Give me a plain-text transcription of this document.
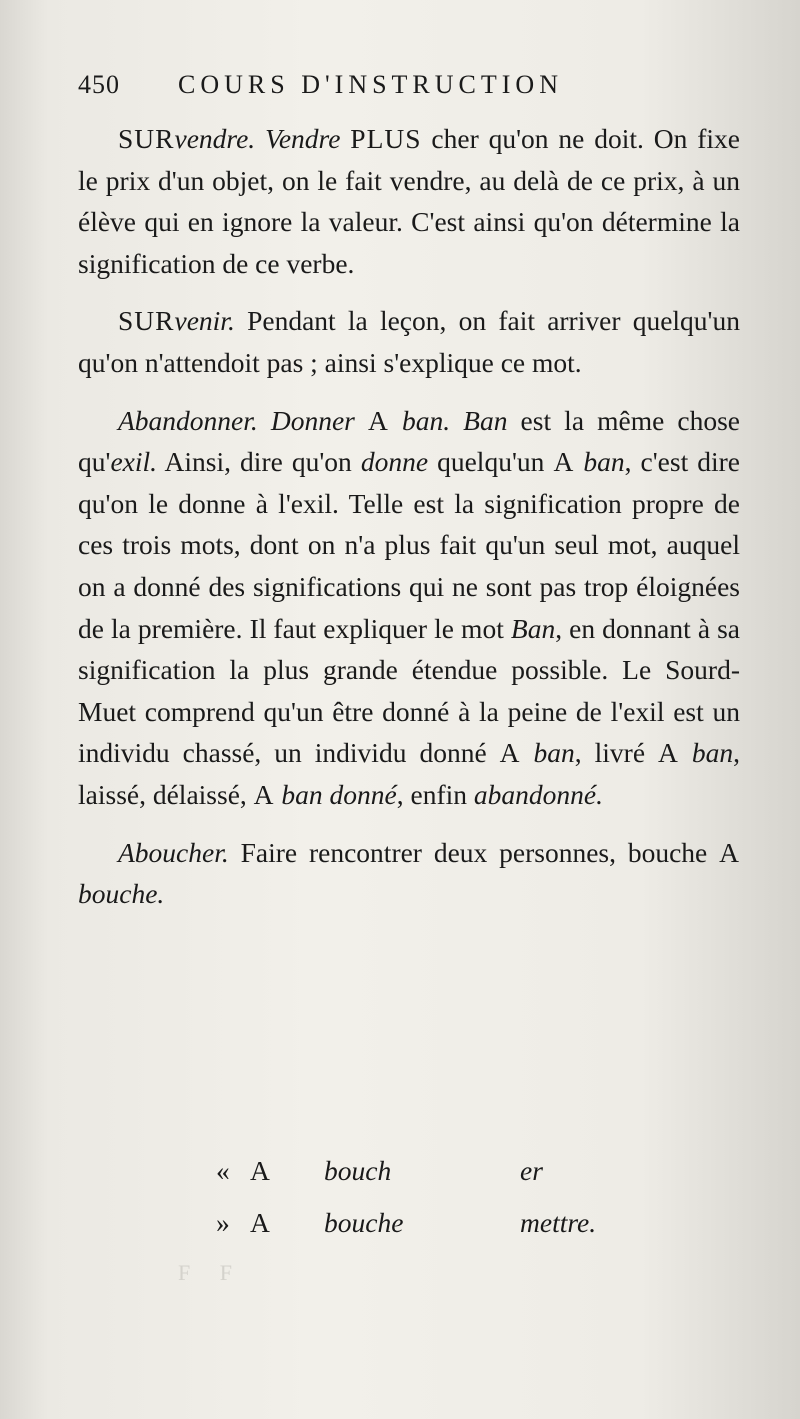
450 COURS D'INSTRUCTION

SURvendre. Vendre PLUS cher qu'on ne doit. On fixe le prix d'un objet, on le fait vendre, au delà de ce prix, à un élève qui en ignore la valeur. C'est ainsi qu'on détermine la signification de ce verbe.

SURvenir. Pendant la leçon, on fait arriver quelqu'un qu'on n'attendoit pas ; ainsi s'explique ce mot.

Abandonner. Donner A ban. Ban est la même chose qu'exil. Ainsi, dire qu'on donne quelqu'un A ban, c'est dire qu'on le donne à l'exil. Telle est la signification propre de ces trois mots, dont on n'a plus fait qu'un seul mot, auquel on a donné des significations qui ne sont pas trop éloignées de la première. Il faut expliquer le mot Ban, en donnant à sa signification la plus grande étendue possible. Le Sourd-Muet comprend qu'un être donné à la peine de l'exil est un individu chassé, un individu donné A ban, livré A ban, laissé, délaissé, A ban donné, enfin abandonné.

Aboucher. Faire rencontrer deux personnes, bouche A bouche.

« A bouch	er
» A bouche	mettre.
F F
